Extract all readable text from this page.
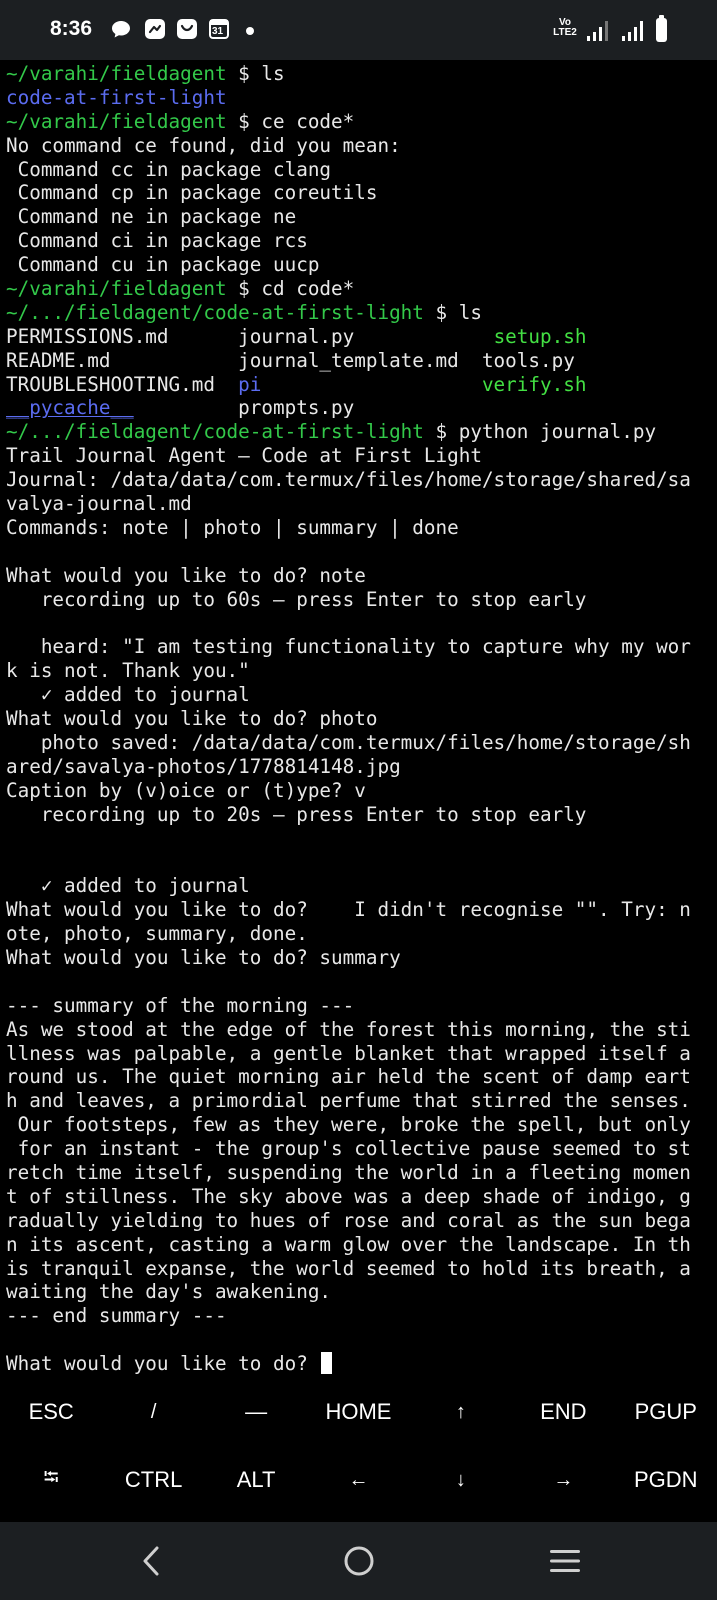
8:36	31
Vo LTE2
~/varahi/fieldagent $ ls
code-at-first-light
~/varahi/fieldagent $ ce code*
No command ce found, did you mean:
Command cc in package clang
Command cp in package coreutils
Command ne in package ne
Command ci in package rcs
Command cu in package uucp
~/varahi/fieldagent $ cd code*
~/.../fieldagent/code-at-first-light $ ls
PERMISSIONS.md      journal.py            setup.sh
README.md           journal_template.md  tools.py
TROUBLESHOOTING.md  pi	verify.sh
__pycache__         prompts.py
~/.../fieldagent/code-at-first-light $ python journal.py
Trail Journal Agent — Code at First Light
Journal: /data/data/com.termux/files/home/storage/shared/sa
valya-journal.md
Commands: note | photo | summary | done
What would you like to do? note
recording up to 60s — press Enter to stop early
heard: "I am testing functionality to capture why my wor
k is not. Thank you."
✓ added to journal
What would you like to do? photo
photo saved: /data/data/com.termux/files/home/storage/sh
ared/savalya-photos/1778814148.jpg
Caption by (v)oice or (t)ype? v
recording up to 20s — press Enter to stop early
✓ added to journal
What would you like to do?    I didn't recognise "". Try: n
ote, photo, summary, done.
What would you like to do? summary
--- summary of the morning ---
As we stood at the edge of the forest this morning, the sti
llness was palpable, a gentle blanket that wrapped itself a
round us. The quiet morning air held the scent of damp eart
h and leaves, a primordial perfume that stirred the senses.
Our footsteps, few as they were, broke the spell, but only
for an instant - the group's collective pause seemed to st
retch time itself, suspending the world in a fleeting momen
t of stillness. The sky above was a deep shade of indigo, g
radually yielding to hues of rose and coral as the sun bega
n its ascent, casting a warm glow over the landscape. In th
is tranquil expanse, the world seemed to hold its breath, a
waiting the day's awakening.
--- end summary ---
What would you like to do?
ESC	/	—	HOME	↑	END	PGUP
⭾	CTRL	ALT	←	↓	→	PGDN
